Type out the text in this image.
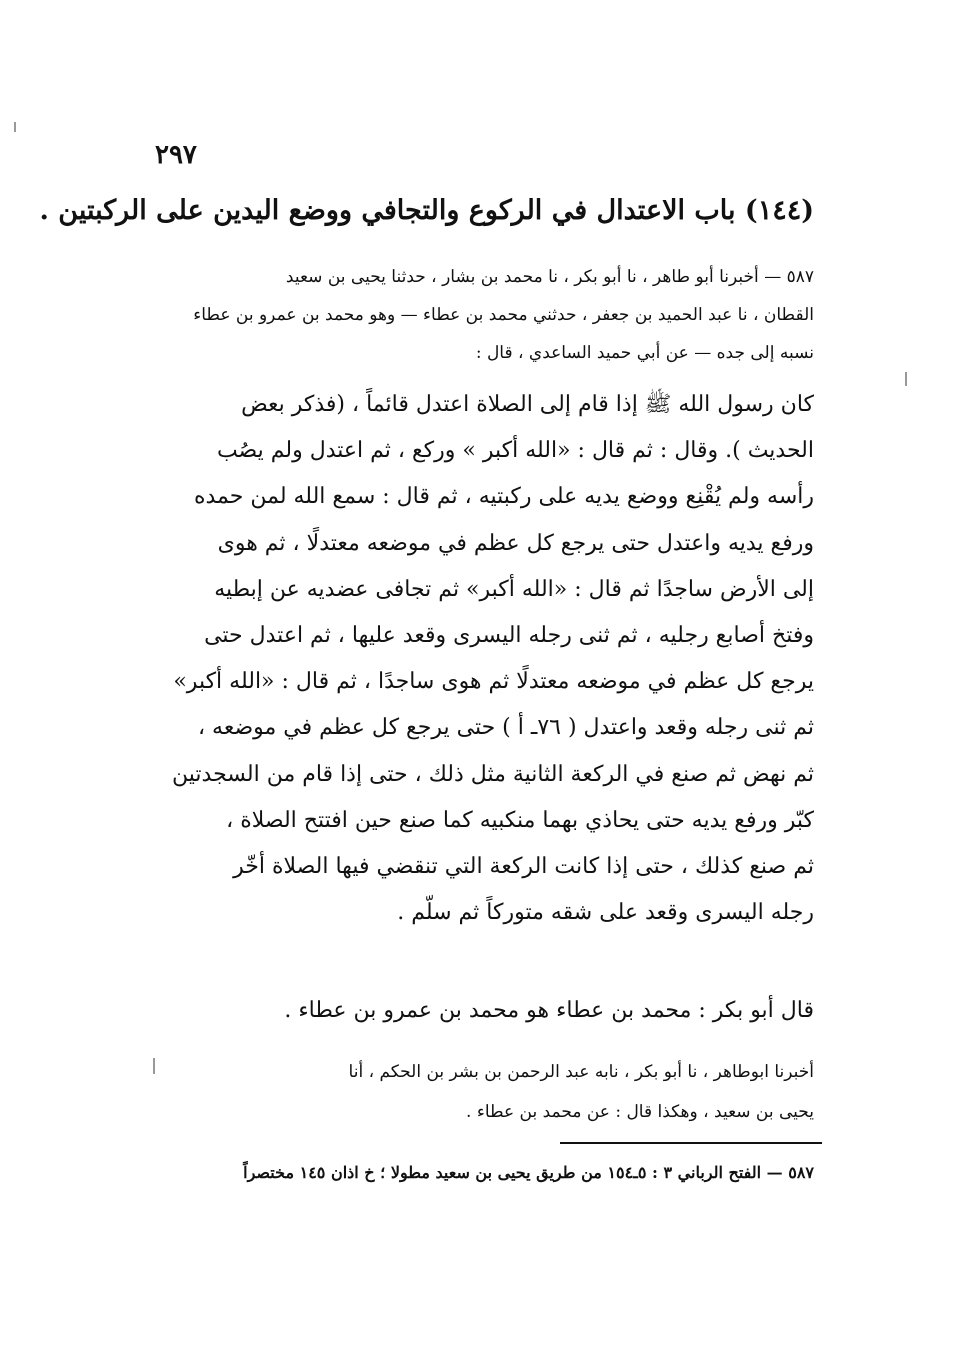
٢٩٧
(١٤٤) باب الاعتدال في الركوع والتجافي ووضع اليدين على الركبتين .
٥٨٧ — أخبرنا أبو طاهر ، نا أبو بكر ، نا محمد بن بشار ، حدثنا يحيى بن سعيد
القطان ، نا عبد الحميد بن جعفر ، حدثني محمد بن عطاء — وهو محمد بن عمرو بن عطاء
نسبه إلى جده — عن أبي حميد الساعدي ، قال :
كان رسول الله ﷺ إذا قام إلى الصلاة اعتدل قائماً ، (فذكر بعض
الحديث ). وقال : ثم قال : «الله أكبر » وركع ، ثم اعتدل ولم يصُب
رأسه ولم يُقْنِع ووضع يديه على ركبتيه ، ثم قال : سمع الله لمن حمده
ورفع يديه واعتدل حتى يرجع كل عظم في موضعه معتدلًا ، ثم هوى
إلى الأرض ساجدًا ثم قال : «الله أكبر» ثم تجافى عضديه عن إبطيه
وفتخ أصابع رجليه ، ثم ثنى رجله اليسرى وقعد عليها ، ثم اعتدل حتى
يرجع كل عظم في موضعه معتدلًا ثم هوى ساجدًا ، ثم قال : «الله أكبر»
ثم ثنى رجله وقعد واعتدل ( ٧٦ـ أ ) حتى يرجع كل عظم في موضعه ،
ثم نهض ثم صنع في الركعة الثانية مثل ذلك ، حتى إذا قام من السجدتين
كبّر ورفع يديه حتى يحاذي بهما منكبيه كما صنع حين افتتح الصلاة ،
ثم صنع كذلك ، حتى إذا كانت الركعة التي تنقضي فيها الصلاة أخّر
رجله اليسرى وقعد على شقه متوركاً ثم سلّم .
قال أبو بكر : محمد بن عطاء هو محمد بن عمرو بن عطاء .
أخبرنا ابوطاهر ، نا أبو بكر ، نابه عبد الرحمن بن بشر بن الحكم ، أنا
يحيى بن سعيد ، وهكذا قال : عن محمد بن عطاء .
٥٨٧ — الفتح الرباني ٣ : ٥ـ١٥٤ من طريق يحيى بن سعيد مطولا ؛ خ اذان ١٤٥ مختصراً
